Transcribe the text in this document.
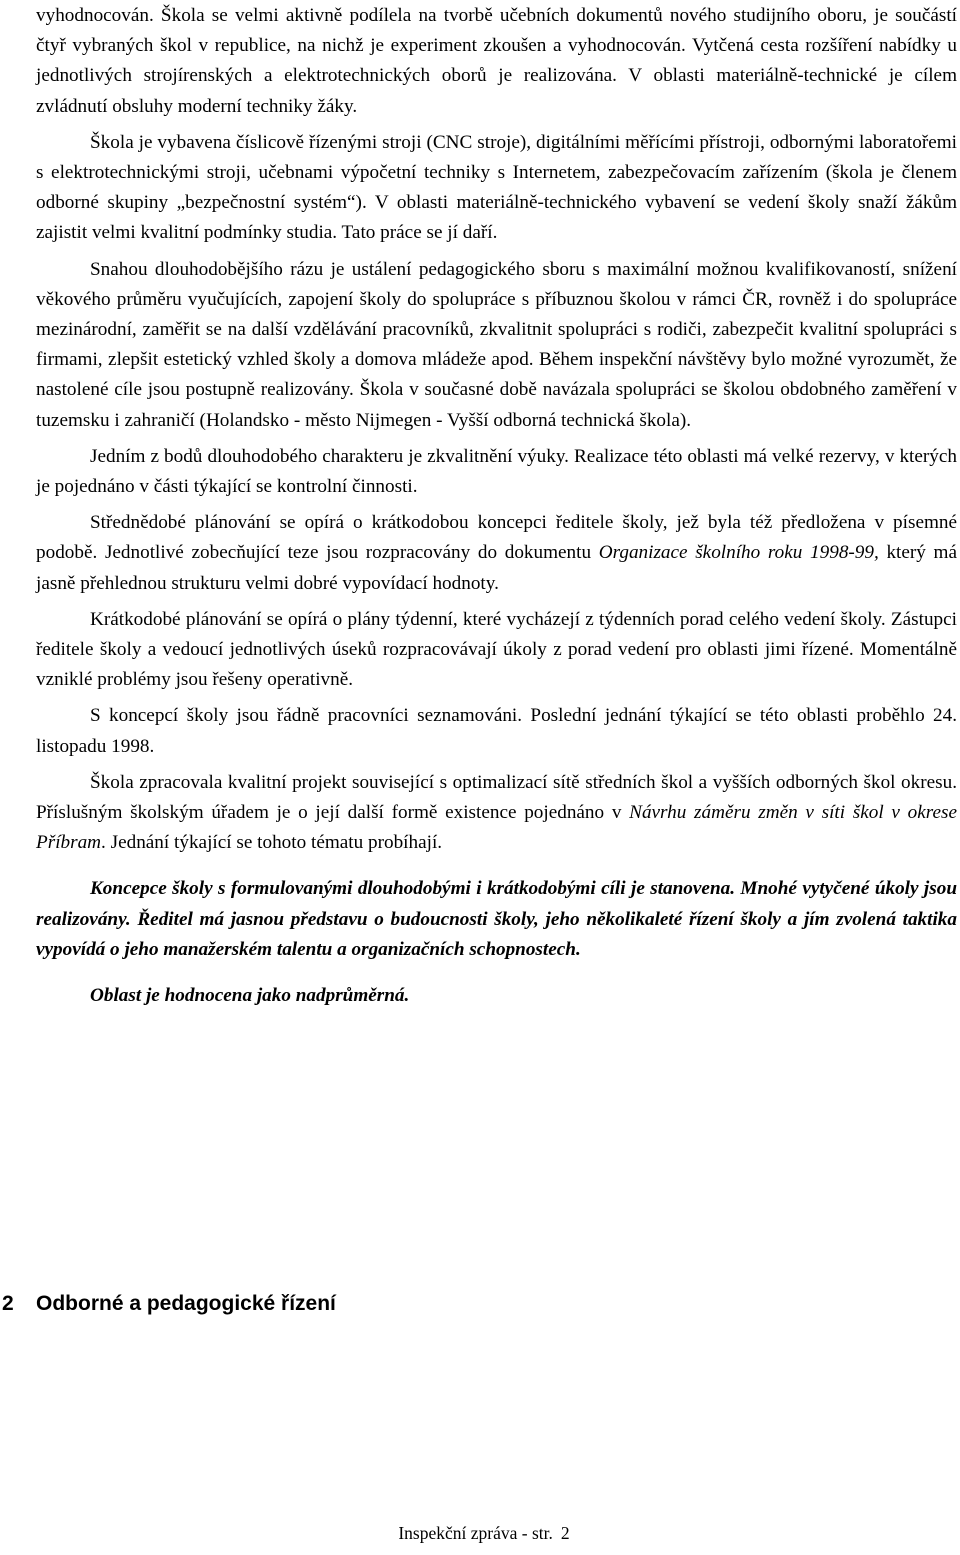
vyhodnocován. Škola se velmi aktivně podílela na tvorbě učebních dokumentů nového studijního oboru, je součástí čtyř vybraných škol v republice, na nichž je experiment zkoušen a vyhodnocován. Vytčená cesta rozšíření nabídky u jednotlivých strojírenských a elektrotechnických oborů je realizována. V oblasti materiálně-technické je cílem zvládnutí obsluhy moderní techniky žáky.

Škola je vybavena číslicově řízenými stroji (CNC stroje), digitálními měřícími přístroji, odbornými laboratořemi s elektrotechnickými stroji, učebnami výpočetní techniky s Internetem, zabezpečovacím zařízením (škola je členem odborné skupiny „bezpečnostní systém“). V oblasti materiálně-technického vybavení se vedení školy snaží žákům zajistit velmi kvalitní podmínky studia. Tato práce se jí daří.

Snahou dlouhodobějšího rázu je ustálení pedagogického sboru s maximální možnou kvalifikovaností, snížení věkového průměru vyučujících, zapojení školy do spolupráce s příbuznou školou v rámci ČR, rovněž i do spolupráce mezinárodní, zaměřit se na další vzdělávání pracovníků, zkvalitnit spolupráci s rodiči, zabezpečit kvalitní spolupráci s firmami, zlepšit estetický vzhled školy a domova mládeže apod. Během inspekční návštěvy bylo možné vyrozumět, že nastolené cíle jsou postupně realizovány. Škola v současné době navázala spolupráci se školou obdobného zaměření v tuzemsku i zahraničí (Holandsko - město Nijmegen - Vyšší odborná technická škola).

Jedním z bodů dlouhodobého charakteru je zkvalitnění výuky. Realizace této oblasti má velké rezervy, v kterých je pojednáno v části týkající se kontrolní činnosti.

Střednědobé plánování se opírá o krátkodobou koncepci ředitele školy, jež byla též předložena v písemné podobě. Jednotlivé zobecňující teze jsou rozpracovány do dokumentu Organizace školního roku 1998-99, který má jasně přehlednou strukturu velmi dobré vypovídací hodnoty.

Krátkodobé plánování se opírá o plány týdenní, které vycházejí z týdenních porad celého vedení školy. Zástupci ředitele školy a vedoucí jednotlivých úseků rozpracovávají úkoly z porad vedení pro oblasti jimi řízené. Momentálně vzniklé problémy jsou řešeny operativně.

S koncepcí školy jsou řádně pracovníci seznamováni. Poslední jednání týkající se této oblasti proběhlo 24. listopadu 1998.

Škola zpracovala kvalitní projekt související s optimalizací sítě středních škol a vyšších odborných škol okresu. Příslušným školským úřadem je o její další formě existence pojednáno v Návrhu záměru změn v síti škol v okrese Příbram. Jednání týkající se tohoto tématu probíhají.

Koncepce školy s formulovanými dlouhodobými i krátkodobými cíli je stanovena. Mnohé vytyčené úkoly jsou realizovány. Ředitel má jasnou představu o budoucnosti školy, jeho několikaleté řízení školy a jím zvolená taktika vypovídá o jeho manažerském talentu a organizačních schopnostech.

Oblast je hodnocena jako nadprůměrná.

2 Odborné a pedagogické řízení
Inspekční zpráva - str. 2
